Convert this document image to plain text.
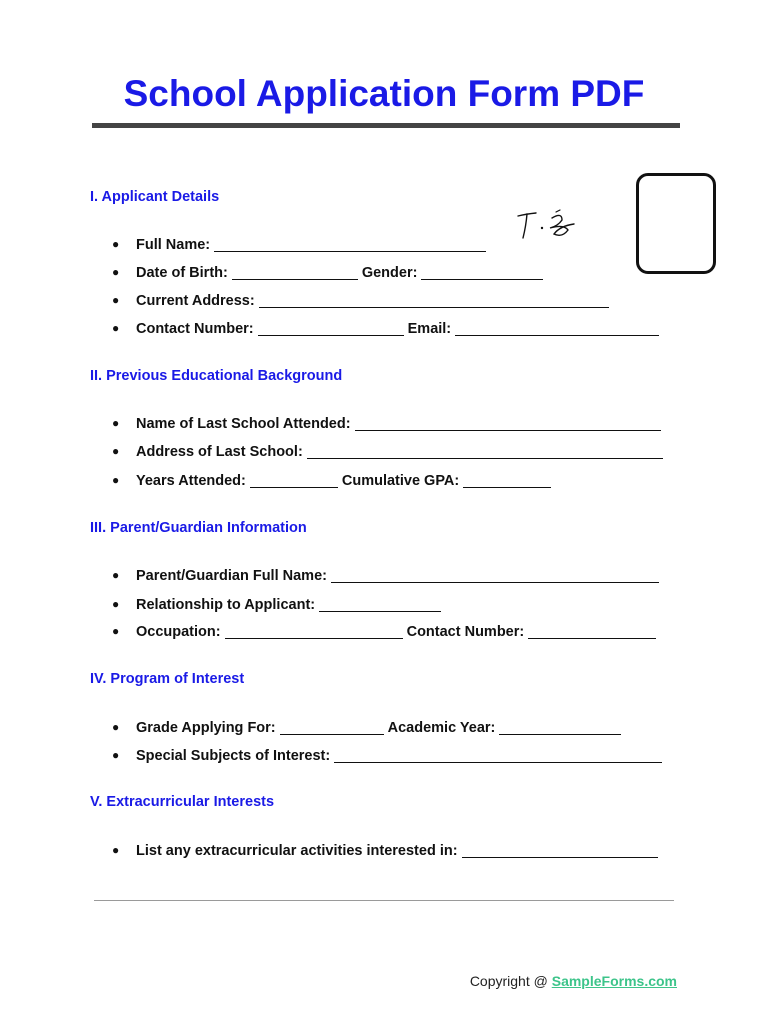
School Application Form PDF
I. Applicant Details
● Full Name:
● Date of Birth:	Gender:
● Current Address:
● Contact Number:	Email:
II. Previous Educational Background
● Name of Last School Attended:
● Address of Last School:
● Years Attended:	Cumulative GPA:
III. Parent/Guardian Information
● Parent/Guardian Full Name:
● Relationship to Applicant:
● Occupation:	Contact Number:
IV. Program of Interest
● Grade Applying For:	Academic Year:
● Special Subjects of Interest:
V. Extracurricular Interests
● List any extracurricular activities interested in:
Copyright @ SampleForms.com
